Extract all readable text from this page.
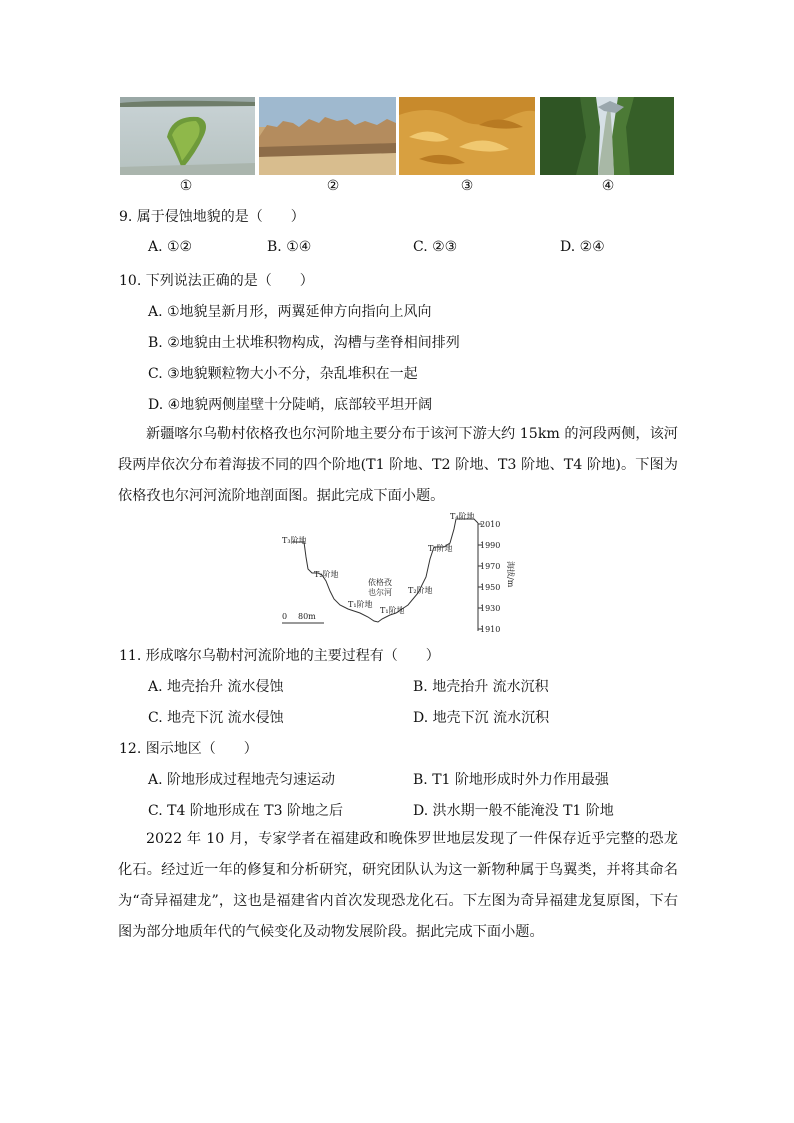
①	②	③	④
9. 属于侵蚀地貌的是（　　）
A. ①②	B. ①④	C. ②③	D. ②④
10. 下列说法正确的是（　　）
A. ①地貌呈新月形，两翼延伸方向指向上风向
B. ②地貌由土状堆积物构成，沟槽与垄脊相间排列
C. ③地貌颗粒物大小不分，杂乱堆积在一起
D. ④地貌两侧崖壁十分陡峭，底部较平坦开阔
新疆喀尔乌勒村依格孜也尔河阶地主要分布于该河下游大约 15km 的河段两侧，该河段两岸依次分布着海拔不同的四个阶地(T1 阶地、T2 阶地、T3 阶地、T4 阶地)。下图为依格孜也尔河河流阶地剖面图。据此完成下面小题。
2010
1990
1970
1950
1930
1910
海拔/m
T₃阶地
T₂阶地
T₁阶地
T₄阶地
T₃阶地
T₂阶地
T₁阶地
依格孜
也尔河
0 80m
11. 形成喀尔乌勒村河流阶地的主要过程有（　　）
A. 地壳抬升 流水侵蚀	B. 地壳抬升 流水沉积
C. 地壳下沉 流水侵蚀	D. 地壳下沉 流水沉积
12. 图示地区（　　）
A. 阶地形成过程地壳匀速运动	B. T1 阶地形成时外力作用最强
C. T4 阶地形成在 T3 阶地之后	D. 洪水期一般不能淹没 T1 阶地
2022 年 10 月，专家学者在福建政和晚侏罗世地层发现了一件保存近乎完整的恐龙化石。经过近一年的修复和分析研究，研究团队认为这一新物种属于鸟翼类，并将其命名为“奇异福建龙”，这也是福建省内首次发现恐龙化石。下左图为奇异福建龙复原图，下右图为部分地质年代的气候变化及动物发展阶段。据此完成下面小题。
